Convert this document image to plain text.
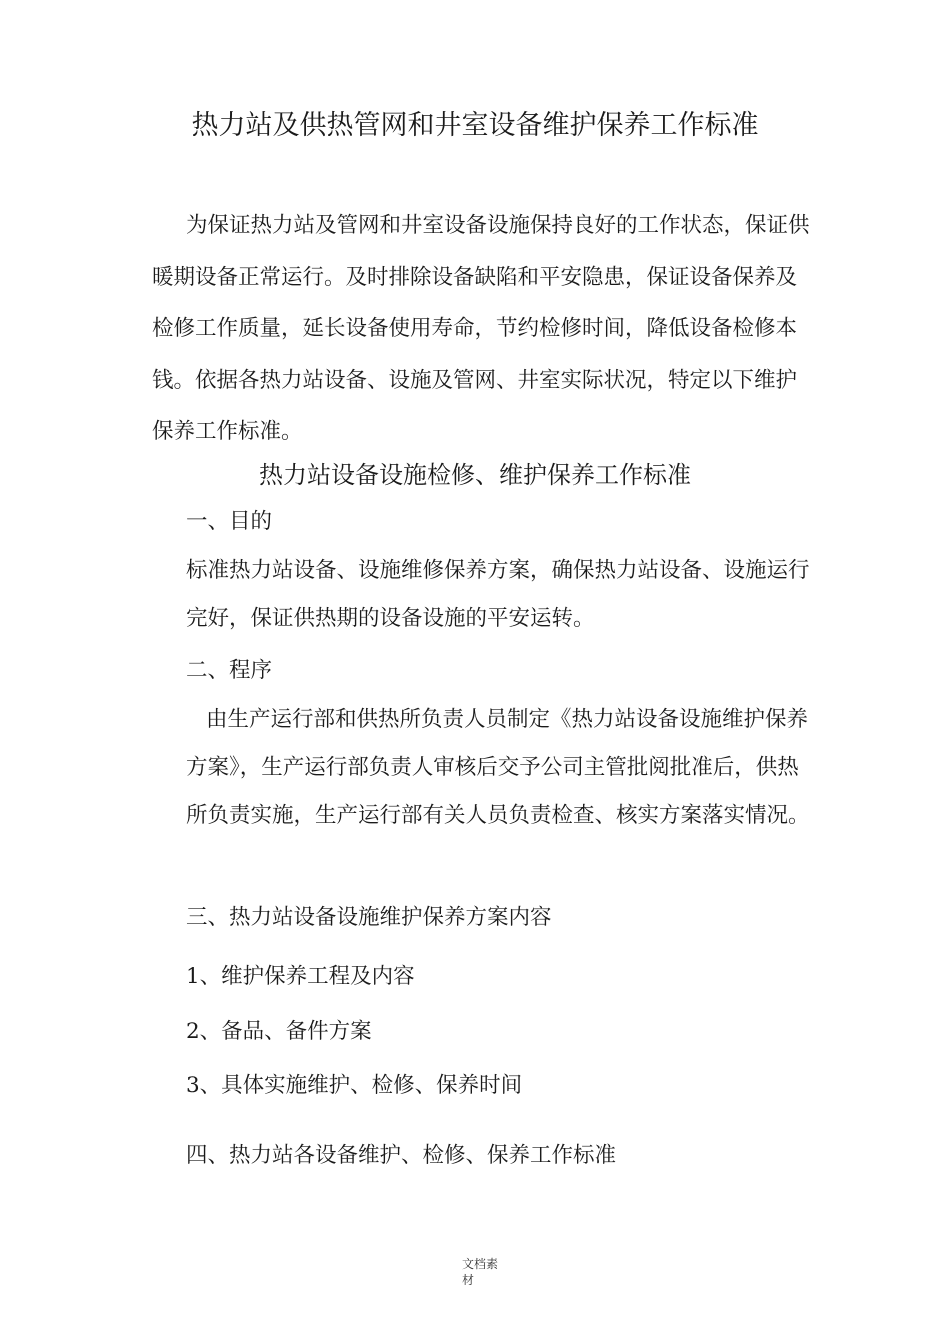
热力站及供热管网和井室设备维护保养工作标准

为保证热力站及管网和井室设备设施保持良好的工作状态，保证供暖期设备正常运行。及时排除设备缺陷和平安隐患，保证设备保养及检修工作质量，延长设备使用寿命，节约检修时间，降低设备检修本钱。依据各热力站设备、设施及管网、井室实际状况，特定以下维护保养工作标准。

热力站设备设施检修、维护保养工作标准

一、目的

标准热力站设备、设施维修保养方案，确保热力站设备、设施运行完好，保证供热期的设备设施的平安运转。

二、程序

由生产运行部和供热所负责人员制定《热力站设备设施维护保养方案》，生产运行部负责人审核后交予公司主管批阅批准后，供热所负责实施，生产运行部有关人员负责检查、核实方案落实情况。

三、热力站设备设施维护保养方案内容

1、维护保养工程及内容

2、备品、备件方案

3、具体实施维护、检修、保养时间

四、热力站各设备维护、检修、保养工作标准

文档素材
